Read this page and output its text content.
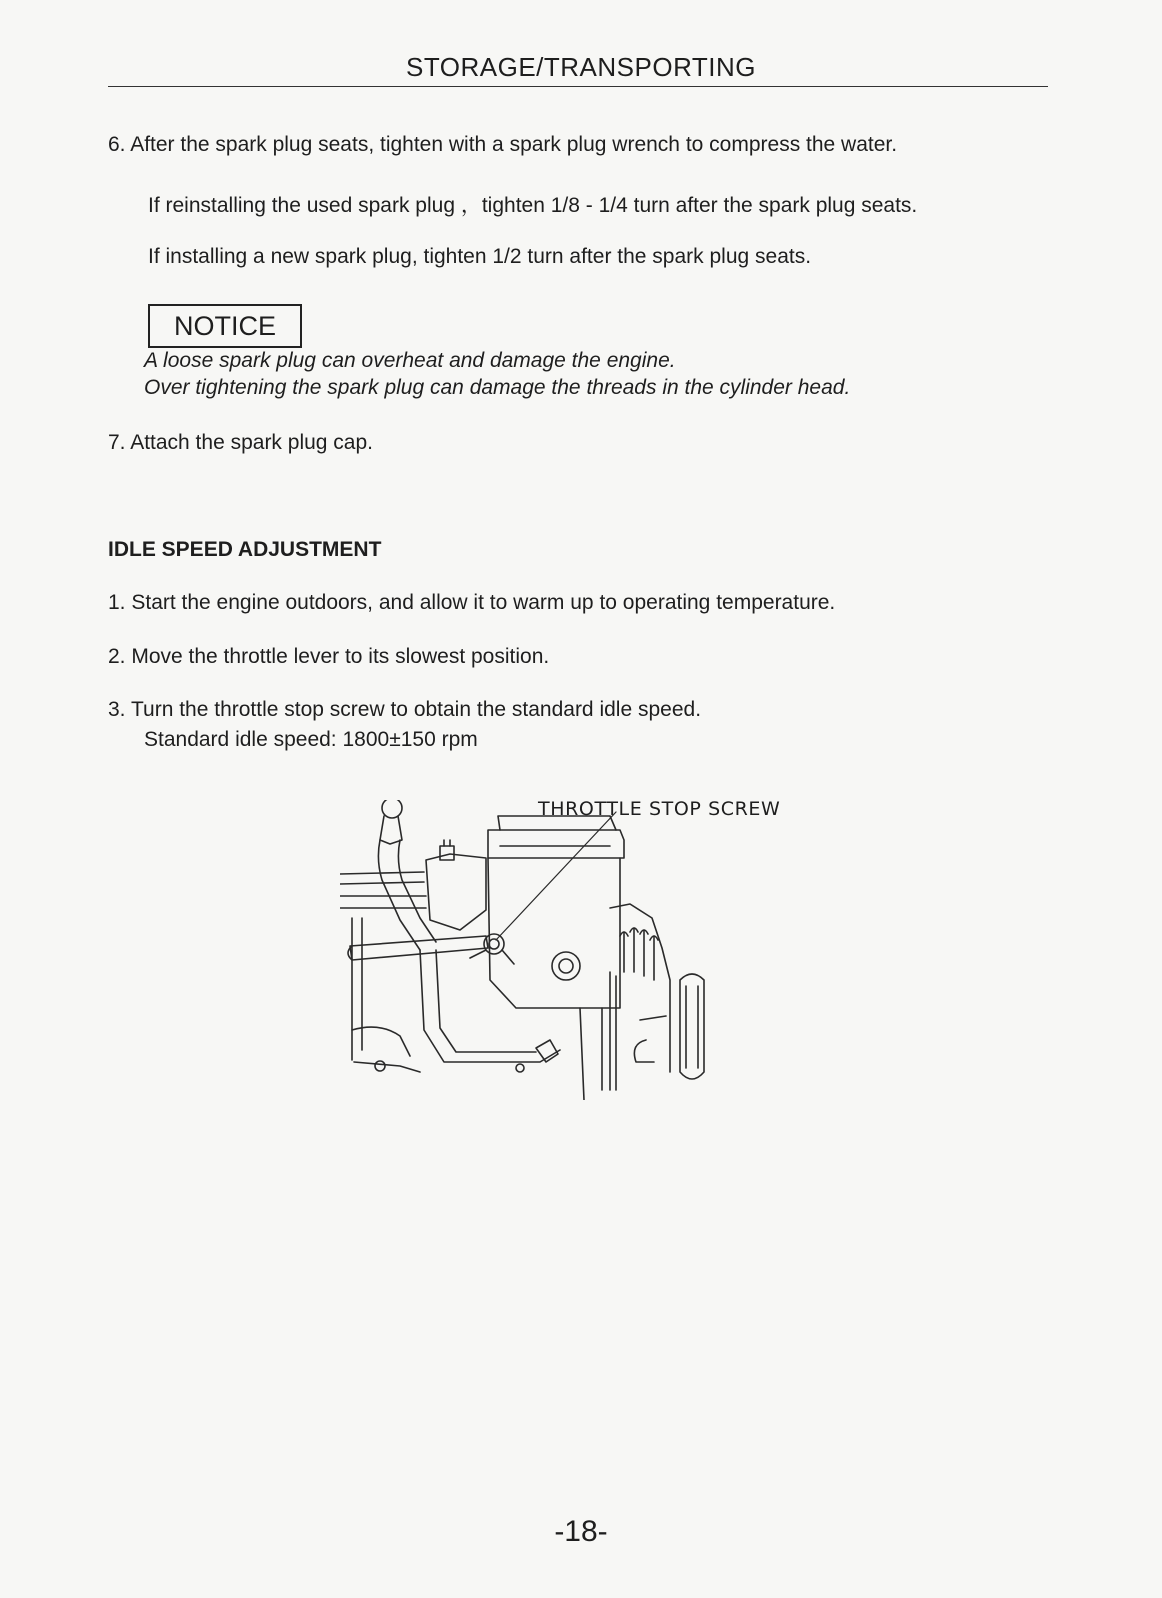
STORAGE/TRANSPORTING
6. After the spark plug seats, tighten with a spark plug wrench to compress the water.
If reinstalling the used spark plug ，tighten 1/8 - 1/4 turn after the spark plug seats.
If installing a new spark plug, tighten 1/2 turn after the spark plug seats.
NOTICE
A loose spark plug can overheat and damage the engine.
Over tightening the spark plug can damage the threads in the cylinder head.
7. Attach the spark plug cap.
IDLE SPEED ADJUSTMENT
1. Start the engine outdoors, and allow it to warm up to operating temperature.
2. Move the throttle lever to its slowest position.
3. Turn the throttle stop screw to obtain the standard idle speed.
Standard idle speed: 1800±150 rpm
THROTTLE STOP SCREW
-18-
